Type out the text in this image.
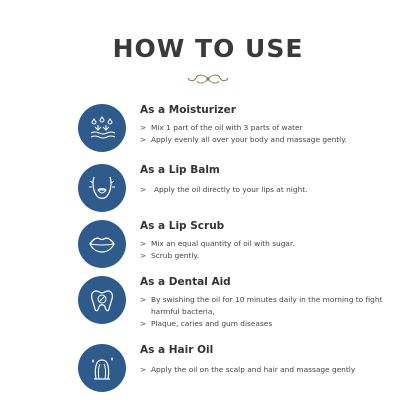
HOW TO USE
As a Moisturizer
> Mix 1 part of the oil with 3 parts of water
> Apply evenly all over your body and massage gently.
As a Lip Balm
> Apply the oil directly to your lips at night.
As a Lip Scrub
> Mix an equal quantity of oil with sugar.
> Scrub gently.
As a Dental Aid
> By swishing the oil for 10 minutes daily in the morning to fight harmful bacteria,
> Plaque, caries and gum diseases
As a Hair Oil
> Apply the oil on the scalp and hair and massage gently
